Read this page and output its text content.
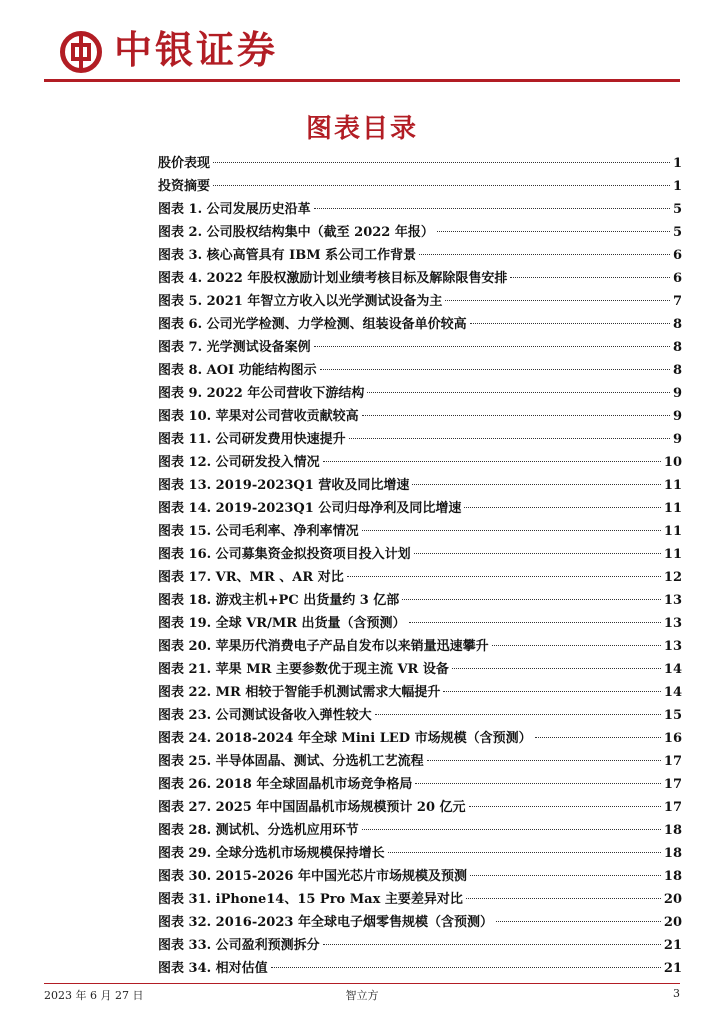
中银证券
图表目录
股价表现	1
投资摘要	1
图表 1. 公司发展历史沿革	5
图表 2. 公司股权结构集中（截至 2022 年报）	5
图表 3. 核心高管具有 IBM 系公司工作背景	6
图表 4. 2022 年股权激励计划业绩考核目标及解除限售安排	6
图表 5. 2021 年智立方收入以光学测试设备为主	7
图表 6. 公司光学检测、力学检测、组装设备单价较高	8
图表 7. 光学测试设备案例	8
图表 8. AOI 功能结构图示	8
图表 9. 2022 年公司营收下游结构	9
图表 10. 苹果对公司营收贡献较高	9
图表 11. 公司研发费用快速提升	9
图表 12. 公司研发投入情况	10
图表 13. 2019-2023Q1 营收及同比增速	11
图表 14. 2019-2023Q1 公司归母净利及同比增速	11
图表 15. 公司毛利率、净利率情况	11
图表 16. 公司募集资金拟投资项目投入计划	11
图表 17. VR、MR 、AR 对比	12
图表 18. 游戏主机+PC 出货量约 3 亿部	13
图表 19. 全球 VR/MR 出货量（含预测）	13
图表 20. 苹果历代消费电子产品自发布以来销量迅速攀升	13
图表 21. 苹果 MR 主要参数优于现主流 VR 设备	14
图表 22. MR 相较于智能手机测试需求大幅提升	14
图表 23. 公司测试设备收入弹性较大	15
图表 24. 2018-2024 年全球 Mini LED 市场规模（含预测）	16
图表 25. 半导体固晶、测试、分选机工艺流程	17
图表 26. 2018 年全球固晶机市场竞争格局	17
图表 27. 2025 年中国固晶机市场规模预计 20 亿元	17
图表 28. 测试机、分选机应用环节	18
图表 29. 全球分选机市场规模保持增长	18
图表 30. 2015-2026 年中国光芯片市场规模及预测	18
图表 31. iPhone14、15 Pro Max 主要差异对比	20
图表 32. 2016-2023 年全球电子烟零售规模（含预测）	20
图表 33. 公司盈利预测拆分	21
图表 34. 相对估值	21
2023 年 6 月 27 日	智立方	3
